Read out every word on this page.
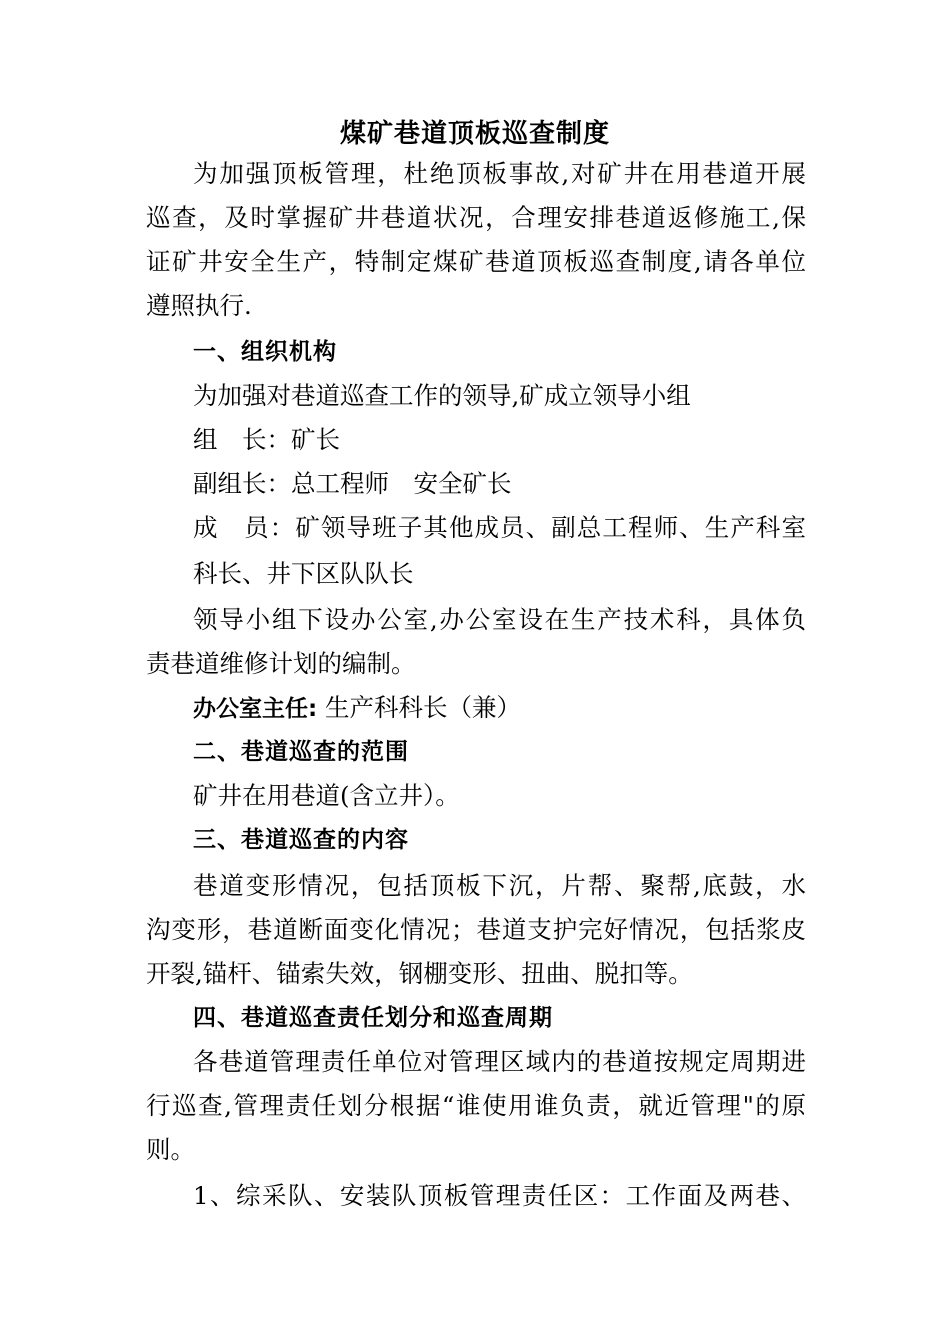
煤矿巷道顶板巡查制度

为加强顶板管理，杜绝顶板事故,对矿井在用巷道开展

巡查，及时掌握矿井巷道状况，合理安排巷道返修施工,保

证矿井安全生产，特制定煤矿巷道顶板巡查制度,请各单位

遵照执行.

一、组织机构

为加强对巷道巡查工作的领导,矿成立领导小组

组　长：矿长

副组长：总工程师　安全矿长

成　员：矿领导班子其他成员、副总工程师、生产科室

科长、井下区队队长

领导小组下设办公室,办公室设在生产技术科，具体负

责巷道维修计划的编制。

办公室主任: 生产科科长（兼）

二、巷道巡查的范围

矿井在用巷道(含立井）。

三、巷道巡查的内容

巷道变形情况，包括顶板下沉，片帮、聚帮,底鼓，水

沟变形，巷道断面变化情况；巷道支护完好情况，包括浆皮

开裂,锚杆、锚索失效，钢棚变形、扭曲、脱扣等。

四、巷道巡查责任划分和巡查周期

各巷道管理责任单位对管理区域内的巷道按规定周期进

行巡查,管理责任划分根据“谁使用谁负责，就近管理"的原

则。

1、综采队、安装队顶板管理责任区：工作面及两巷、
